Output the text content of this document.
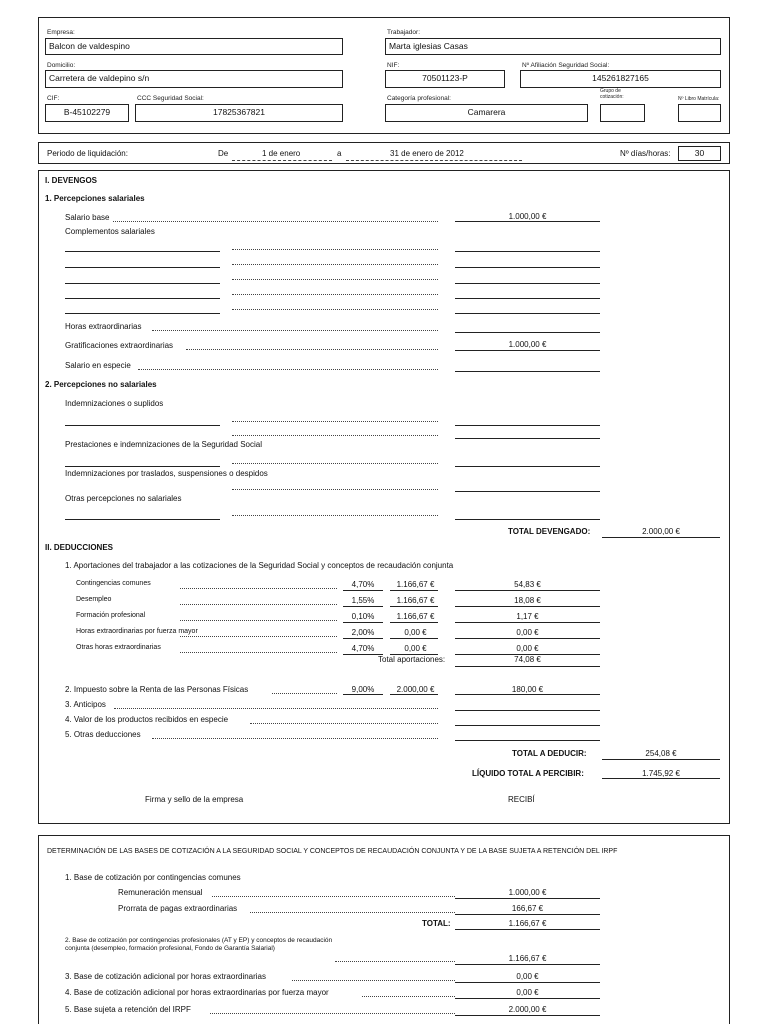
Empresa:
Balcon de valdespino
Domicilio:
Carretera de valdepino s/n
CIF:
B-45102279
CCC Seguridad Social:
17825367821
Trabajador:
Marta iglesias Casas
NIF:
70501123-P
Nº Afiliación Seguridad Social:
145261827165
Categoría profesional:
Camarera
Grupo de cotización:	Nº Libro Matrícula:
Periodo de liquidación:	De	1 de enero	a	31 de enero de 2012	Nº días/horas:	30
I. DEVENGOS
1. Percepciones salariales
Salario base	1.000,00 €
Complementos salariales
Horas extraordinarias
Gratificaciones extraordinarias	1.000,00 €
Salario en especie
2. Percepciones no salariales
Indemnizaciones o suplidos
Prestaciones e indemnizaciones de la Seguridad Social
Indemnizaciones por traslados, suspensiones o despidos
Otras percepciones no salariales
TOTAL DEVENGADO:	2.000,00 €
II. DEDUCCIONES
1. Aportaciones del trabajador a las cotizaciones de la Seguridad Social y conceptos de recaudación conjunta
Contingencias comunes	4,70%	1.166,67 €	54,83 €
Desempleo	1,55%	1.166,67 €	18,08 €
Formación profesional	0,10%	1.166,67 €	1,17 €
Horas extraordinarias por fuerza mayor	2,00%	0,00 €	0,00 €
Otras horas extraordinarias	4,70%	0,00 €	0,00 €
Total aportaciones:	74,08 €
2. Impuesto sobre la Renta de las Personas Físicas	9,00%	2.000,00 €	180,00 €
3. Anticipos
4. Valor de los productos recibidos en especie
5. Otras deducciones
TOTAL A DEDUCIR:	254,08 €
LÍQUIDO TOTAL A PERCIBIR:	1.745,92 €
Firma y sello de la empresa	RECIBÍ
DETERMINACIÓN DE LAS BASES DE COTIZACIÓN A LA SEGURIDAD SOCIAL Y CONCEPTOS DE RECAUDACIÓN CONJUNTA Y DE LA BASE SUJETA A RETENCIÓN DEL IRPF
1. Base de cotización por contingencias comunes
Remuneración mensual	1.000,00 €
Prorrata de pagas extraordinarias	166,67 €
TOTAL:	1.166,67 €
2. Base de cotización por contingencias profesionales (AT y EP) y conceptos de recaudación conjunta (desempleo, formación profesional, Fondo de Garantía Salarial)
1.166,67 €
3. Base de cotización adicional por horas extraordinarias	0,00 €
4. Base de cotización adicional por horas extraordinarias por fuerza mayor	0,00 €
5. Base sujeta a retención del IRPF	2.000,00 €
